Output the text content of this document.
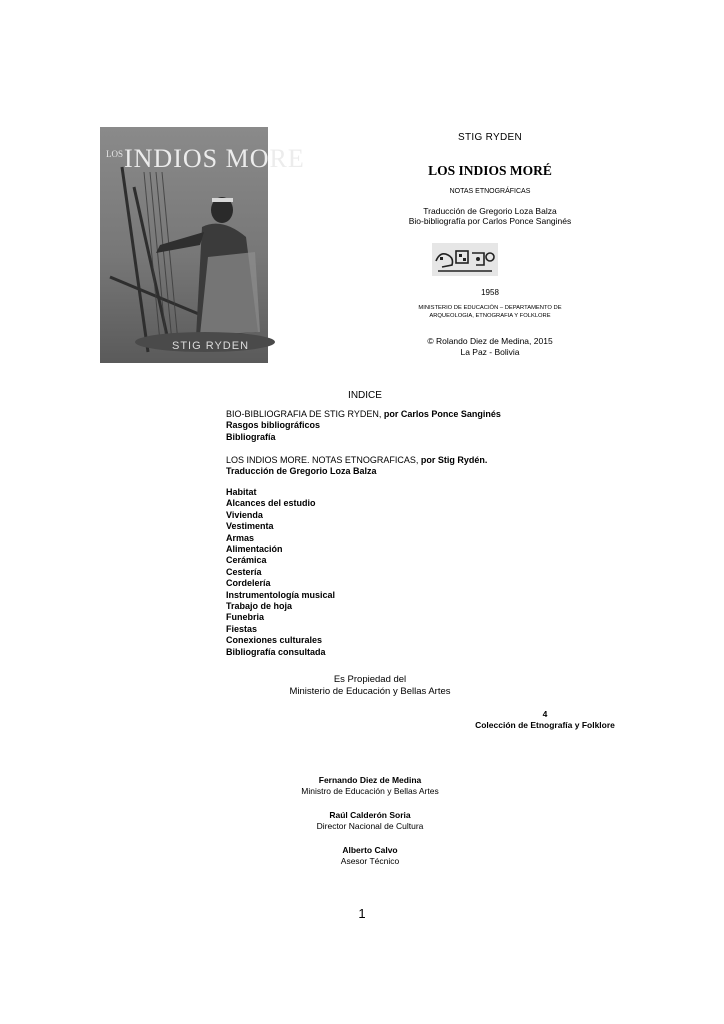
LOS INDIOS MORE
STIG RYDEN
STIG RYDEN
LOS INDIOS MORÉ
NOTAS ETNOGRÁFICAS
Traducción de Gregorio Loza Balza
Bio-bibliografía por Carlos Ponce Sanginés
1958
MINISTERIO DE EDUCACIÓN – DEPARTAMENTO DE
ARQUEOLOGIA, ETNOGRAFIA Y FOLKLORE
© Rolando Diez de Medina, 2015
La Paz - Bolivia
INDICE
BIO-BIBLIOGRAFIA DE STIG RYDEN, por Carlos Ponce Sanginés
Rasgos bibliográficos
Bibliografía
LOS INDIOS MORE. NOTAS ETNOGRAFICAS, por Stig Rydén.
Traducción de Gregorio Loza Balza
Habitat
Alcances del estudio
Vivienda
Vestimenta
Armas
Alimentación
Cerámica
Cestería
Cordelería
Instrumentología musical
Trabajo de hoja
Funebria
Fiestas
Conexiones culturales
Bibliografía consultada
Es Propiedad del
Ministerio de Educación y Bellas Artes
4
Colección de Etnografía y Folklore
Fernando Diez de Medina
Ministro de Educación y Bellas Artes
Raúl Calderón Soria
Director Nacional de Cultura
Alberto Calvo
Asesor Técnico
1
